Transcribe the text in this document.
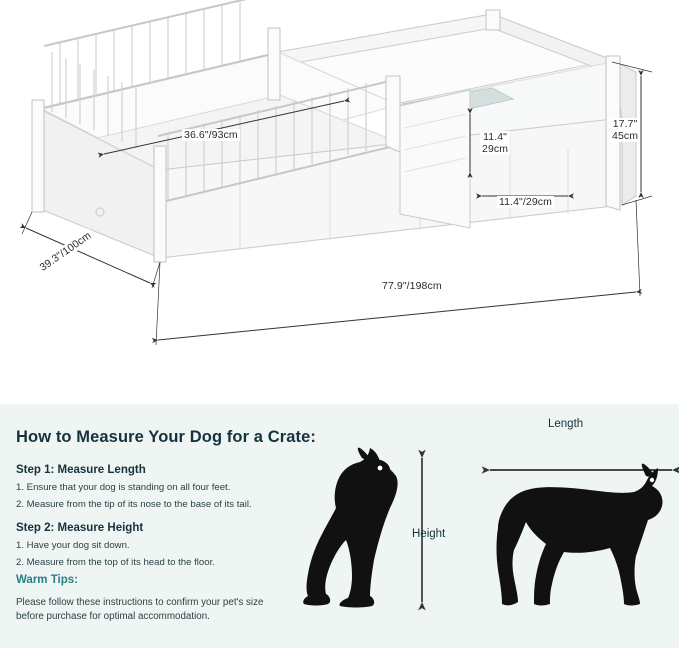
36.6"/93cm	11.4"
29cm
17.7"
45cm
11.4"/29cm
39.3"/100cm
77.9"/198cm
How to Measure Your Dog for a Crate:

Step 1: Measure Length

1. Ensure that your dog is standing on all four feet.

2. Measure from the tip of its nose to the base of its tail.

Step 2: Measure Height

1. Have your dog sit down.

2. Measure from the top of its head to the floor.

Warm Tips:

Please follow these instructions to confirm your pet's size before purchase for optimal accommodation.

Height
Length
